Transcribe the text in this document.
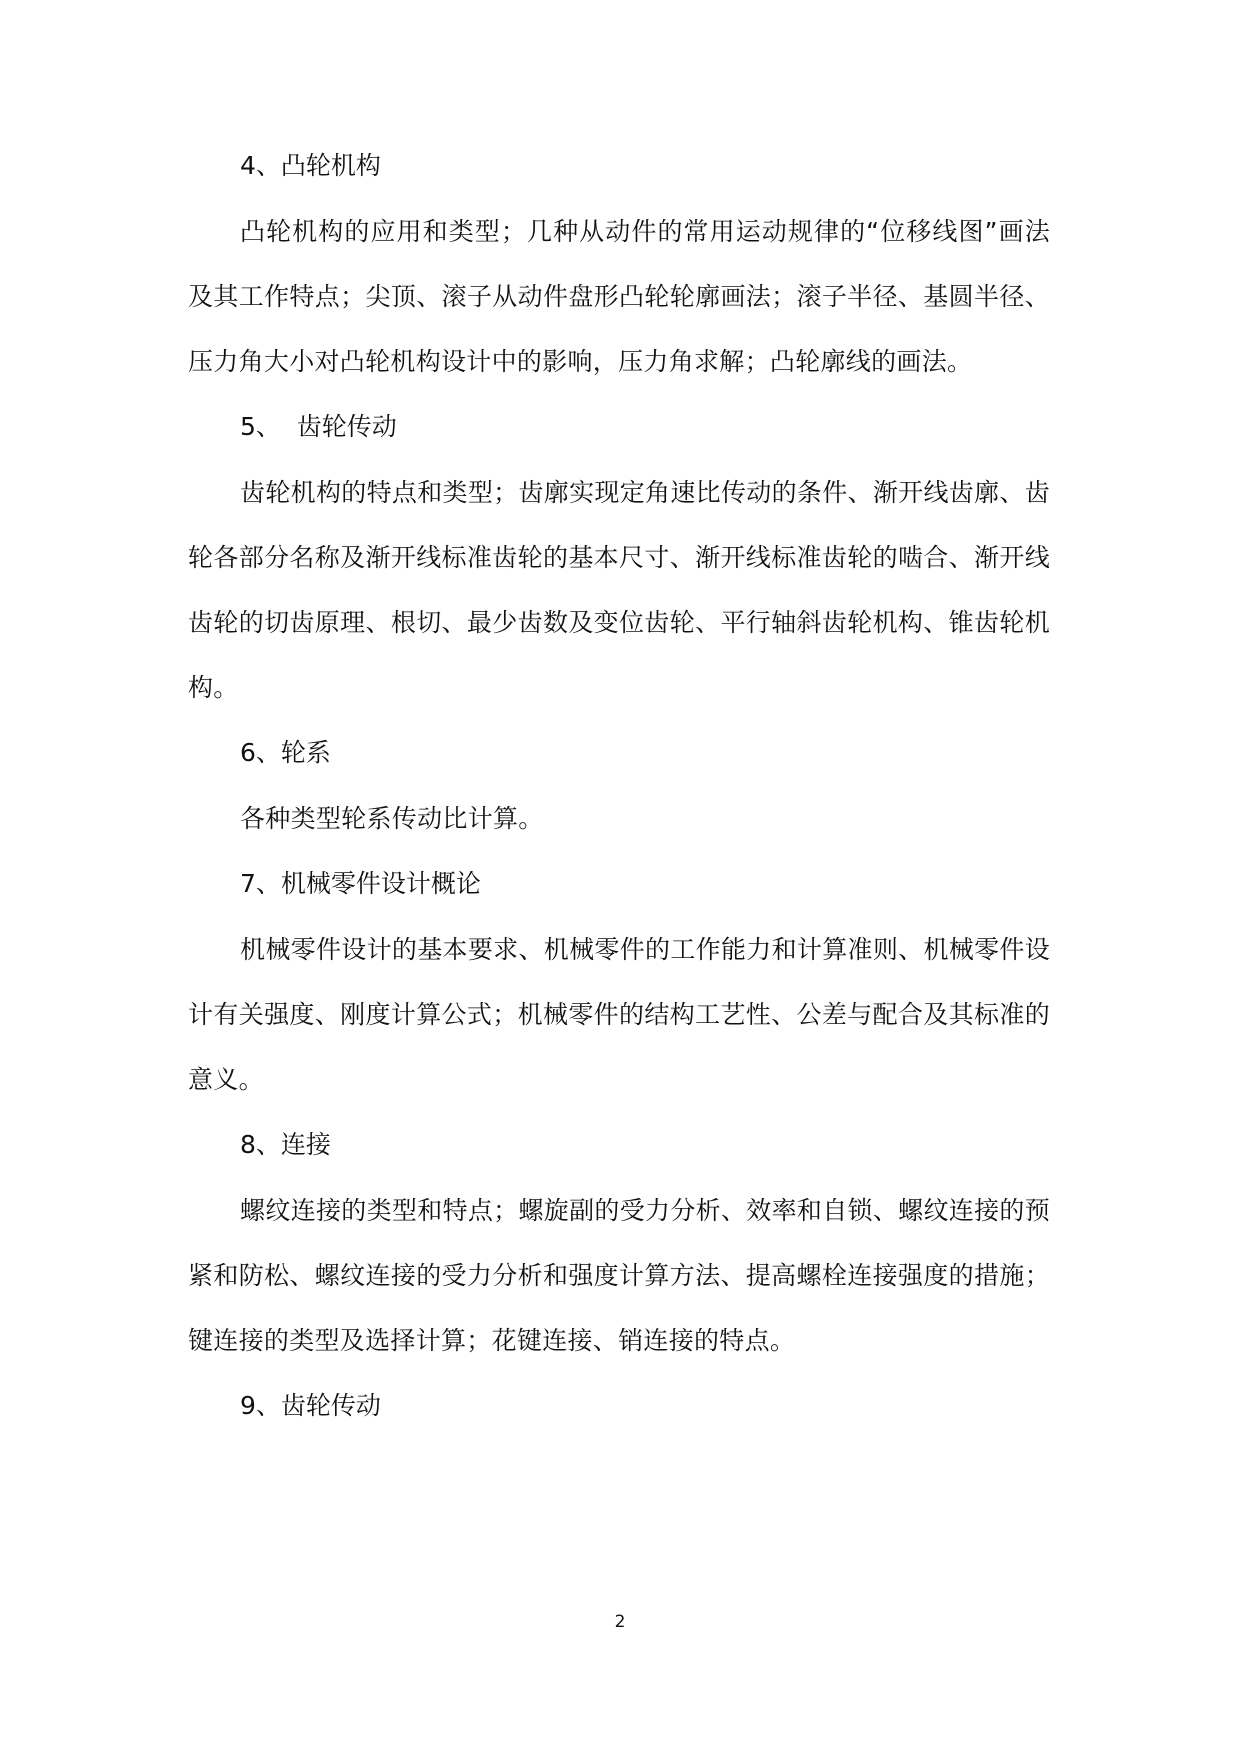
4、凸轮机构

凸轮机构的应用和类型；几种从动件的常用运动规律的“位移线图”画法及其工作特点；尖顶、滚子从动件盘形凸轮轮廓画法；滚子半径、基圆半径、压力角大小对凸轮机构设计中的影响，压力角求解；凸轮廓线的画法。

5、  齿轮传动

齿轮机构的特点和类型；齿廓实现定角速比传动的条件、渐开线齿廓、齿轮各部分名称及渐开线标准齿轮的基本尺寸、渐开线标准齿轮的啮合、渐开线齿轮的切齿原理、根切、最少齿数及变位齿轮、平行轴斜齿轮机构、锥齿轮机构。

6、轮系

各种类型轮系传动比计算。

7、机械零件设计概论

机械零件设计的基本要求、机械零件的工作能力和计算准则、机械零件设计有关强度、刚度计算公式；机械零件的结构工艺性、公差与配合及其标准的意义。

8、连接

螺纹连接的类型和特点；螺旋副的受力分析、效率和自锁、螺纹连接的预紧和防松、螺纹连接的受力分析和强度计算方法、提高螺栓连接强度的措施；键连接的类型及选择计算；花键连接、销连接的特点。

9、齿轮传动
2
